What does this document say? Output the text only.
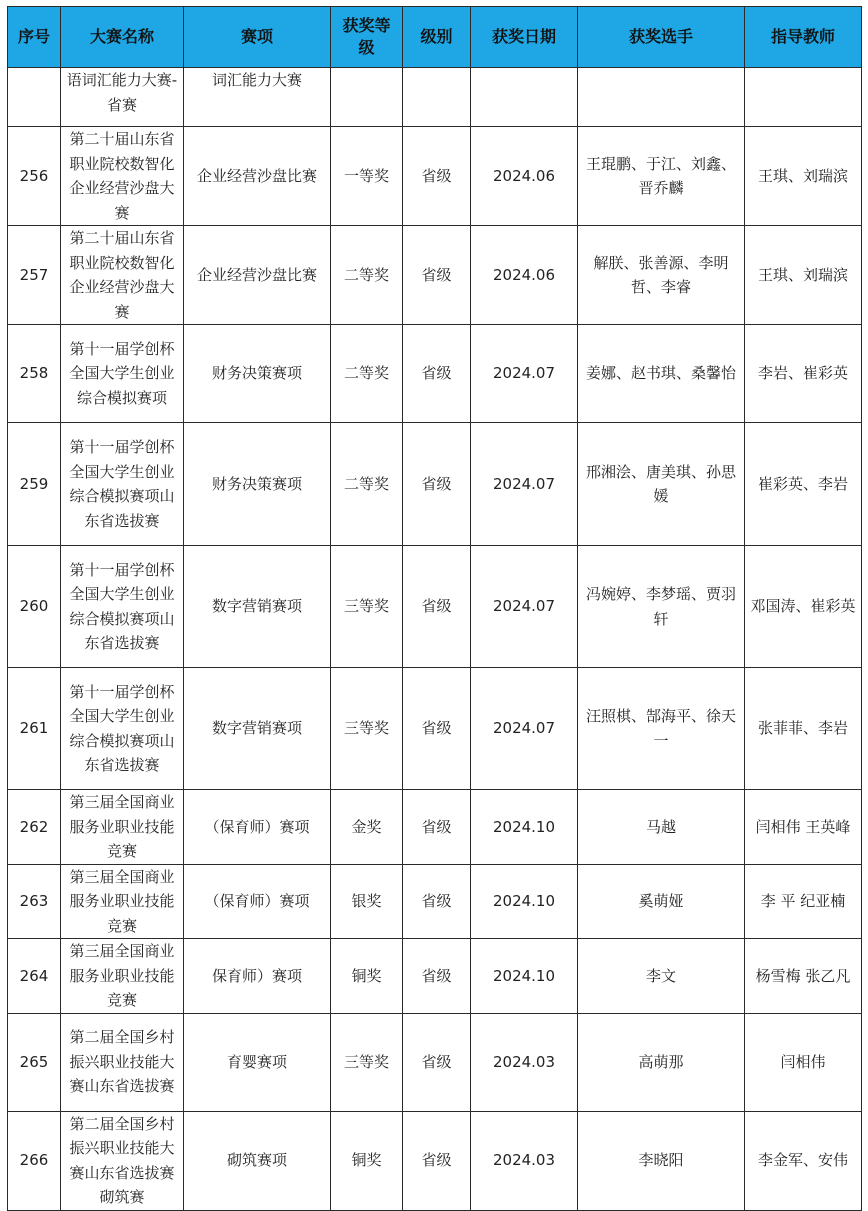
序号	大赛名称	赛项	获奖等级	级别	获奖日期	获奖选手	指导教师
	语词汇能力大赛-省赛	词汇能力大赛					
256	第二十届山东省职业院校数智化企业经营沙盘大赛	企业经营沙盘比赛	一等奖	省级	2024.06	王琨鹏、于江、刘鑫、晋乔麟	王琪、刘瑞滨
257	第二十届山东省职业院校数智化企业经营沙盘大赛	企业经营沙盘比赛	二等奖	省级	2024.06	解朕、张善源、李明哲、李睿	王琪、刘瑞滨
258	第十一届学创杯全国大学生创业综合模拟赛项	财务决策赛项	二等奖	省级	2024.07	姜娜、赵书琪、桑馨怡	李岩、崔彩英
259	第十一届学创杯全国大学生创业综合模拟赛项山东省选拔赛	财务决策赛项	二等奖	省级	2024.07	邢湘浍、唐美琪、孙思媛	崔彩英、李岩
260	第十一届学创杯全国大学生创业综合模拟赛项山东省选拔赛	数字营销赛项	三等奖	省级	2024.07	冯婉婷、李梦瑶、贾羽轩	邓国涛、崔彩英
261	第十一届学创杯全国大学生创业综合模拟赛项山东省选拔赛	数字营销赛项	三等奖	省级	2024.07	汪照棋、郜海平、徐天一	张菲菲、李岩
262	第三届全国商业服务业职业技能竞赛	（保育师）赛项	金奖	省级	2024.10	马越	闫相伟 王英峰
263	第三届全国商业服务业职业技能竞赛	（保育师）赛项	银奖	省级	2024.10	奚萌娅	李 平 纪亚楠
264	第三届全国商业服务业职业技能竞赛	保育师）赛项	铜奖	省级	2024.10	李文	杨雪梅 张乙凡
265	第二届全国乡村振兴职业技能大赛山东省选拔赛	育婴赛项	三等奖	省级	2024.03	高萌那	闫相伟
266	第二届全国乡村振兴职业技能大赛山东省选拔赛砌筑赛	砌筑赛项	铜奖	省级	2024.03	李晓阳	李金军、安伟
